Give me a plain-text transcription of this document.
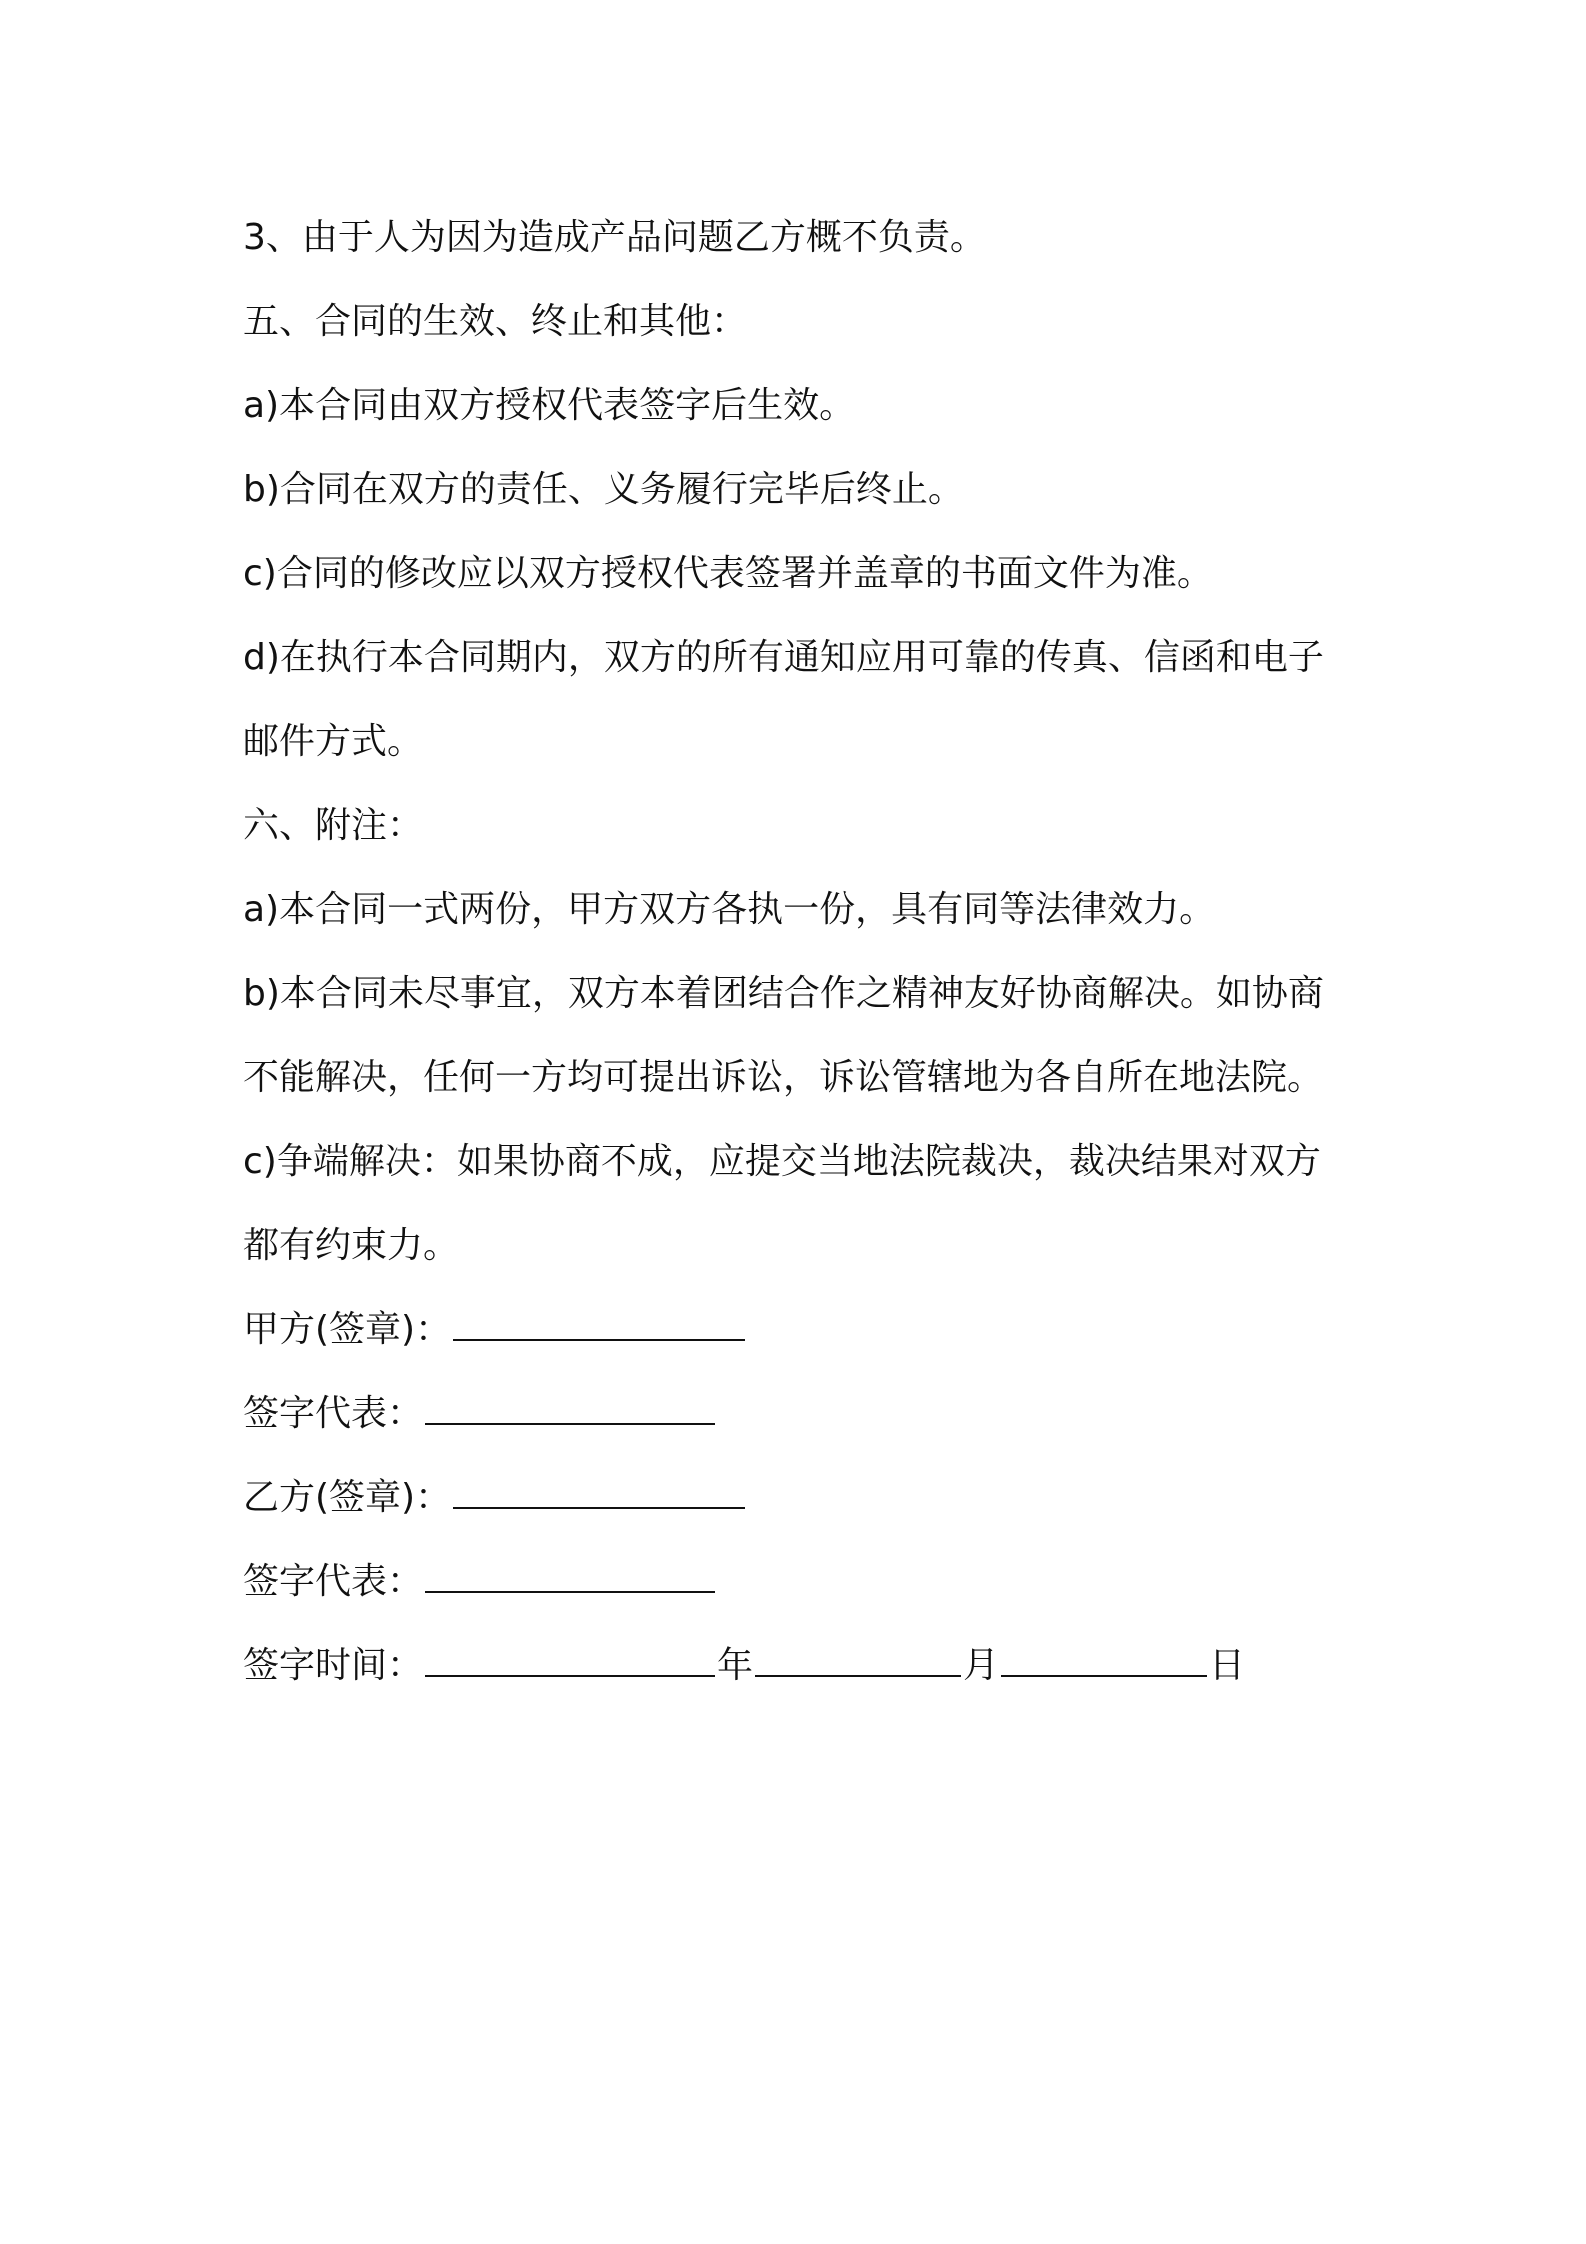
3、由于人为因为造成产品问题乙方概不负责。
五、合同的生效、终止和其他：
a)本合同由双方授权代表签字后生效。
b)合同在双方的责任、义务履行完毕后终止。
c)合同的修改应以双方授权代表签署并盖章的书面文件为准。
d)在执行本合同期内，双方的所有通知应用可靠的传真、信函和电子
邮件方式。
六、附注：
a)本合同一式两份，甲方双方各执一份，具有同等法律效力。
b)本合同未尽事宜，双方本着团结合作之精神友好协商解决。如协商
不能解决，任何一方均可提出诉讼，诉讼管辖地为各自所在地法院。
c)争端解决：如果协商不成，应提交当地法院裁决，裁决结果对双方
都有约束力。
甲方(签章)：
签字代表：
乙方(签章)：
签字代表：
签字时间：	年	月	日
